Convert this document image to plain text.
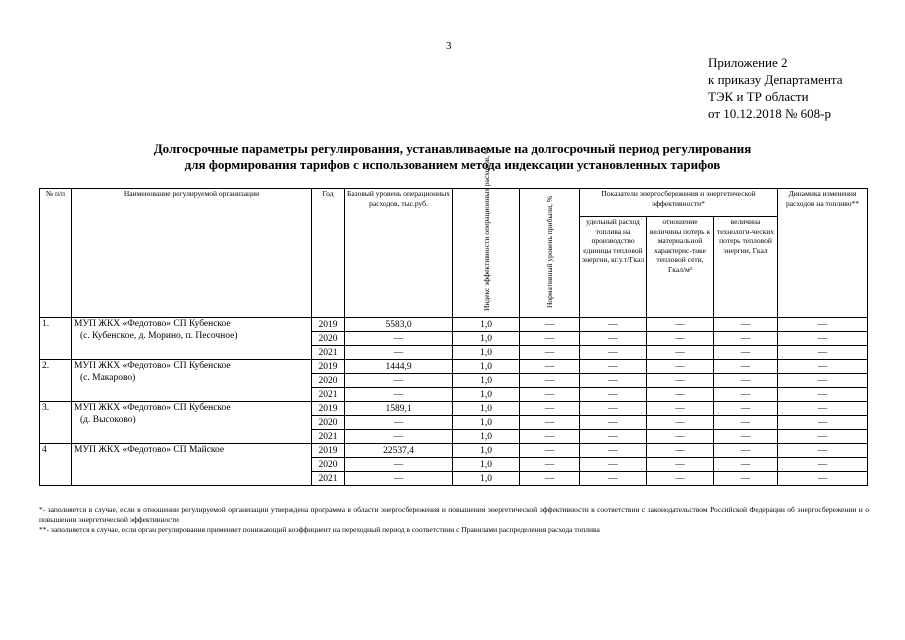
3
Приложение 2
к приказу Департамента
ТЭК и ТР области
от 10.12.2018 № 608-р
Долгосрочные параметры регулирования, устанавливаемые на долгосрочный период регулирования
для формирования тарифов с использованием метода индексации установленных тарифов
№ п/п	Наименование регулируемой организации	Год	Базовый уровень операционных расходов, тыс.руб.	Индекс эффективности операционных расходов, %	Нормативный уровень прибыли, %	Показатели энергосбережения и энергетической эффективности*			Динамика изменения расходов на топливо**
						удельный расход топлива на производство единицы тепловой энергии, кг.у.т/Гкал	отношение величины потерь к материальной характерис-тике тепловой сети, Гкал/м²	величина технологи-ческих потерь тепловой энергии, Гкал	
1.	МУП ЖКХ «Федотово» СП Кубенское
(с. Кубенское, д. Морино, п. Песочное)	2019	5583,0	1,0	—	—	—	—	—
		2020	—	1,0	—	—	—	—	—
		2021	—	1,0	—	—	—	—	—
2.	МУП ЖКХ «Федотово» СП Кубенское
(с. Макарово)	2019	1444,9	1,0	—	—	—	—	—
		2020	—	1,0	—	—	—	—	—
		2021	—	1,0	—	—	—	—	—
3.	МУП ЖКХ «Федотово» СП Кубенское
(д. Высоково)	2019	1589,1	1,0	—	—	—	—	—
		2020	—	1,0	—	—	—	—	—
		2021	—	1,0	—	—	—	—	—
4	МУП ЖКХ «Федотово» СП Майское	2019	22537,4	1,0	—	—	—	—	—
		2020	—	1,0	—	—	—	—	—
		2021	—	1,0	—	—	—	—	—

*- заполняется в случае, если в отношении регулируемой организации утверждена программа в области энергосбережения и повышения энергетической эффективности в соответствии с законодательством Российской Федерации об энергосбережении и о повышении энергетической эффективности

**- заполняется в случае, если орган регулирования применяет понижающий коэффициент на переходный период в соответствии с Правилами распределения расхода топлива
